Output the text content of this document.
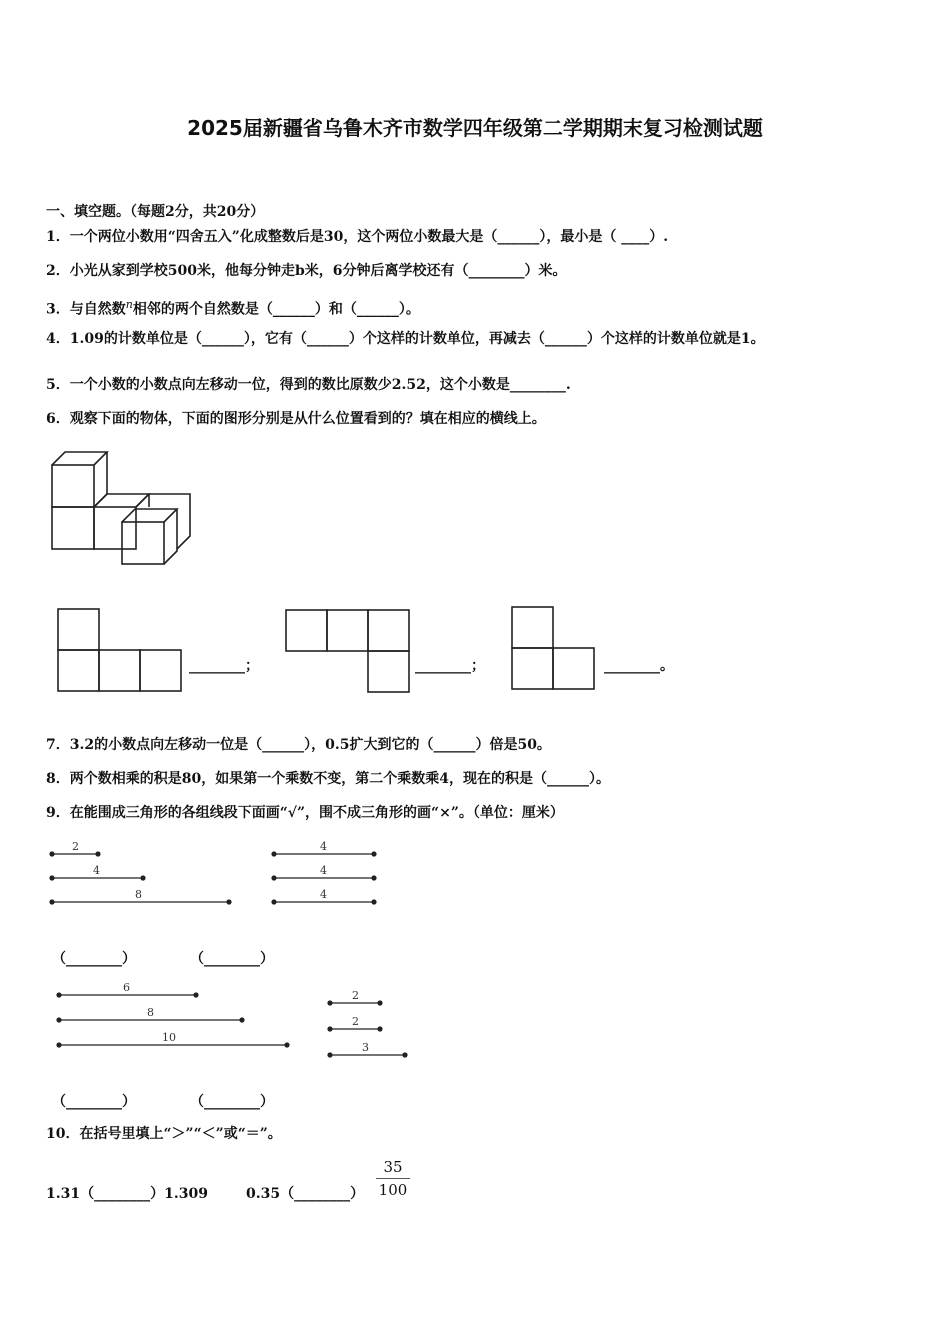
2025届新疆省乌鲁木齐市数学四年级第二学期期末复习检测试题
一、填空题。（每题2分，共20分）
1．一个两位小数用“四舍五入”化成整数后是30，这个两位小数最大是（______），最小是（ ____）.
2．小光从家到学校500米，他每分钟走b米，6分钟后离学校还有（________）米。
3．与自然数$^n$相邻的两个自然数是（______）和（______）。
4．1.09的计数单位是（______），它有（______）个这样的计数单位，再减去（______）个这样的计数单位就是1。
5．一个小数的小数点向左移动一位，得到的数比原数少2.52，这个小数是________.
6．观察下面的物体，下面的图形分别是从什么位置看到的？填在相应的横线上。
2
4
8
4
4
4
6
8
10
2
2
3
________；	________；	________。
7．3.2的小数点向左移动一位是（______），0.5扩大到它的（______）倍是50。
8．两个数相乘的积是80，如果第一个乘数不变，第二个乘数乘4，现在的积是（______）。
9．在能围成三角形的各组线段下面画“√”，围不成三角形的画“×”。（单位：厘米）
（________）	（________）
（________）	（________）
10．在括号里填上“＞”“＜”或“＝”。
1.31（________）1.309	0.35（________） $\frac{35}{100}$
